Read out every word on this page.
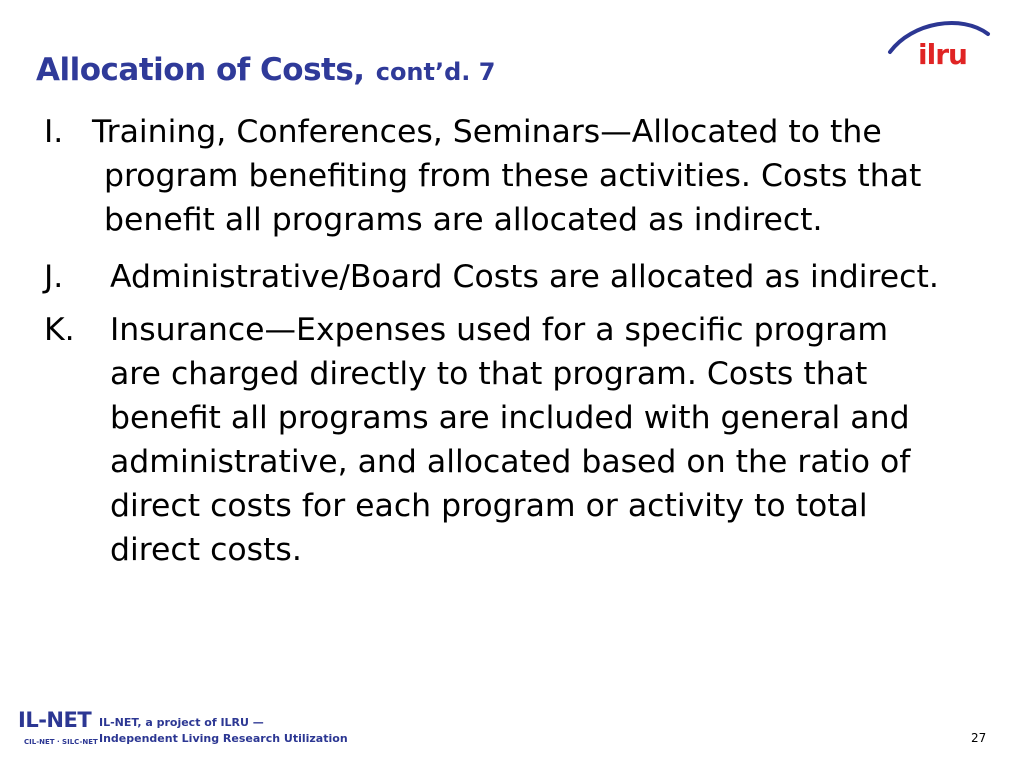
Allocation of Costs, cont’d. 7
ilru
I. Training, Conferences, Seminars—Allocated to the
program benefiting from these activities. Costs that
benefit all programs are allocated as indirect.
J. Administrative/Board Costs are allocated as indirect.
K. Insurance—Expenses used for a specific program
are charged directly to that program. Costs that
benefit all programs are included with general and
administrative, and allocated based on the ratio of
direct costs for each program or activity to total
direct costs.
IL-NET
CIL-NET · SILC-NET
IL-NET, a project of ILRU —
Independent Living Research Utilization	27
